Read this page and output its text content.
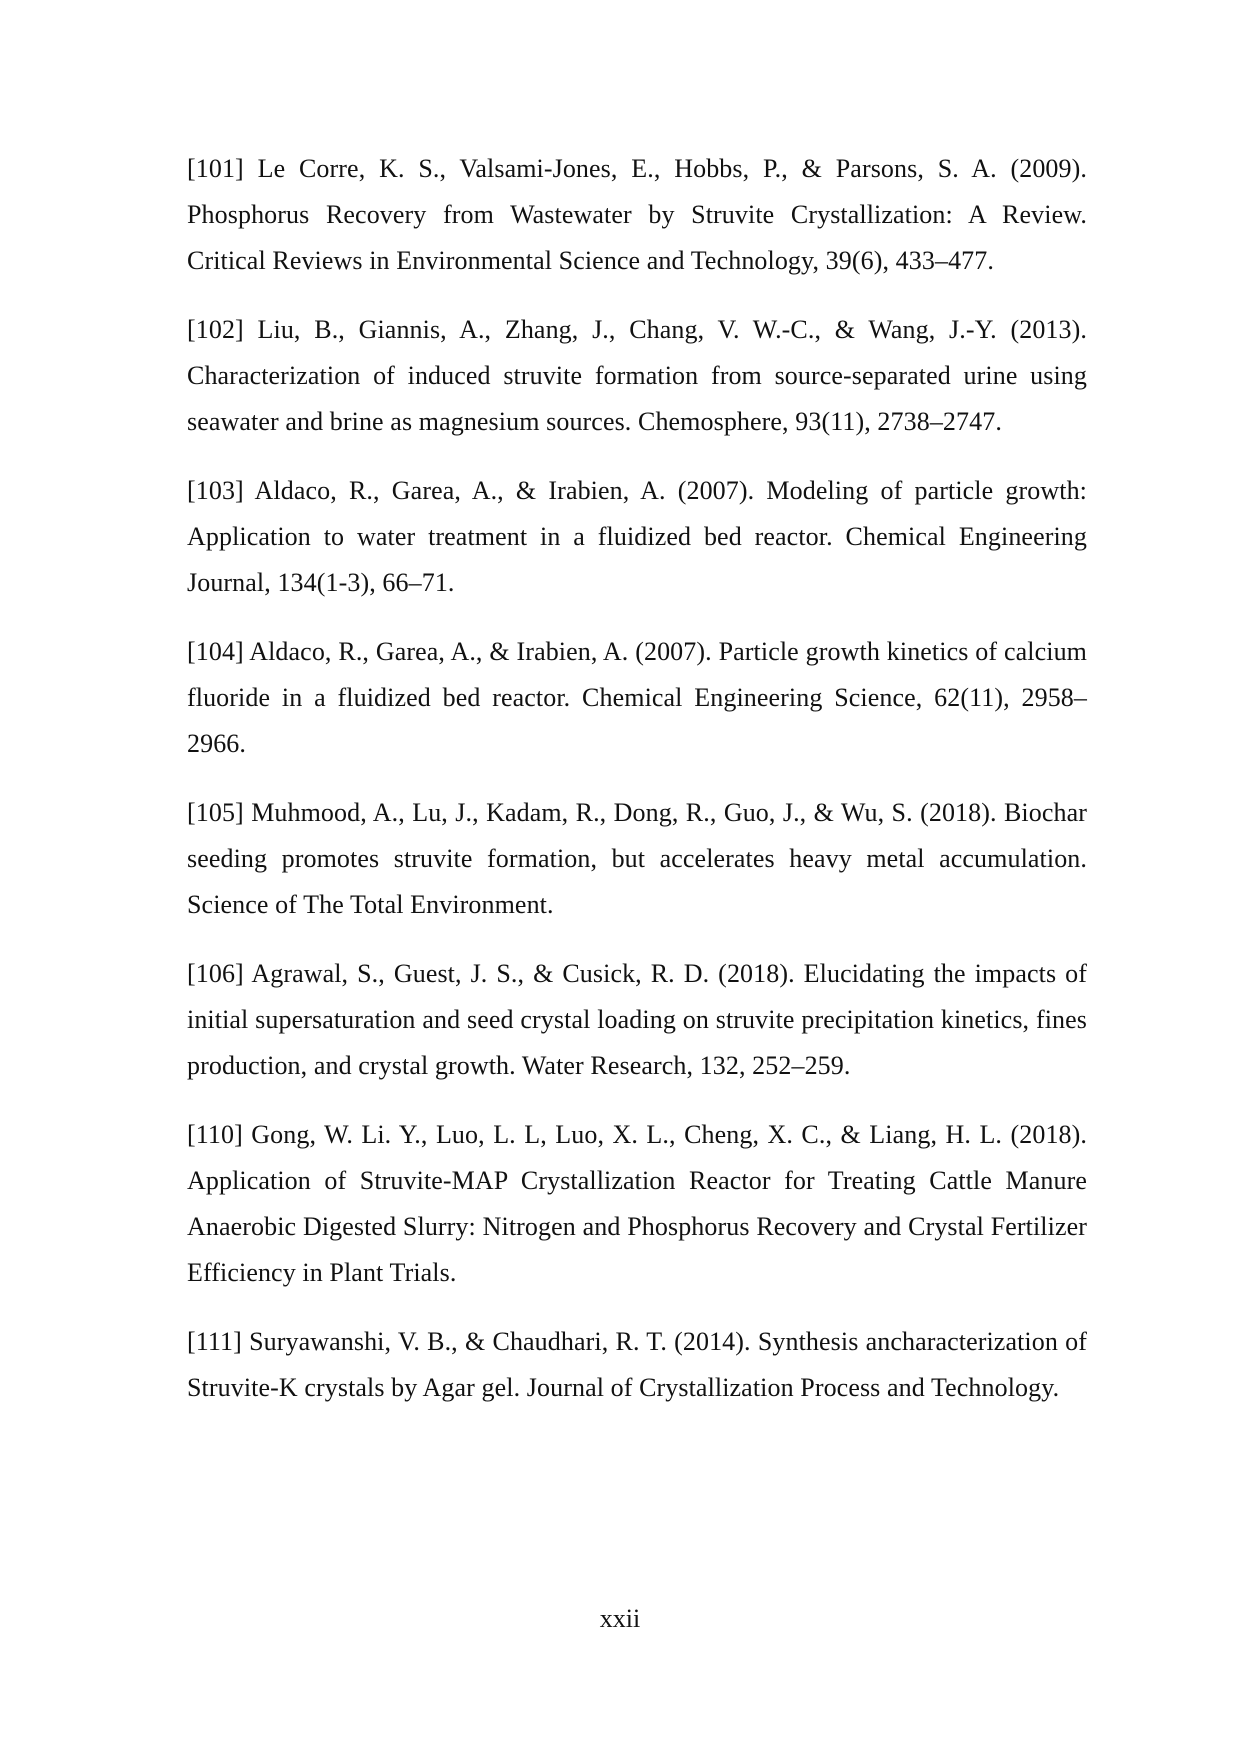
[101] Le Corre, K. S., Valsami-Jones, E., Hobbs, P., & Parsons, S. A. (2009). Phosphorus Recovery from Wastewater by Struvite Crystallization: A Review. Critical Reviews in Environmental Science and Technology, 39(6), 433–477.

[102] Liu, B., Giannis, A., Zhang, J., Chang, V. W.-C., & Wang, J.-Y. (2013). Characterization of induced struvite formation from source-separated urine using seawater and brine as magnesium sources. Chemosphere, 93(11), 2738–2747.

[103] Aldaco, R., Garea, A., & Irabien, A. (2007). Modeling of particle growth: Application to water treatment in a fluidized bed reactor. Chemical Engineering Journal, 134(1-3), 66–71.

[104] Aldaco, R., Garea, A., & Irabien, A. (2007). Particle growth kinetics of calcium fluoride in a fluidized bed reactor. Chemical Engineering Science, 62(11), 2958–2966.

[105] Muhmood, A., Lu, J., Kadam, R., Dong, R., Guo, J., & Wu, S. (2018). Biochar seeding promotes struvite formation, but accelerates heavy metal accumulation. Science of The Total Environment.

[106] Agrawal, S., Guest, J. S., & Cusick, R. D. (2018). Elucidating the impacts of initial supersaturation and seed crystal loading on struvite precipitation kinetics, fines production, and crystal growth. Water Research, 132, 252–259.

[110] Gong, W. Li. Y., Luo, L. L, Luo, X. L., Cheng, X. C., & Liang, H. L. (2018). Application of Struvite-MAP Crystallization Reactor for Treating Cattle Manure Anaerobic Digested Slurry: Nitrogen and Phosphorus Recovery and Crystal Fertilizer Efficiency in Plant Trials.

[111] Suryawanshi, V. B., & Chaudhari, R. T. (2014). Synthesis ancharacterization of Struvite-K crystals by Agar gel. Journal of Crystallization Process and Technology.

xxii
